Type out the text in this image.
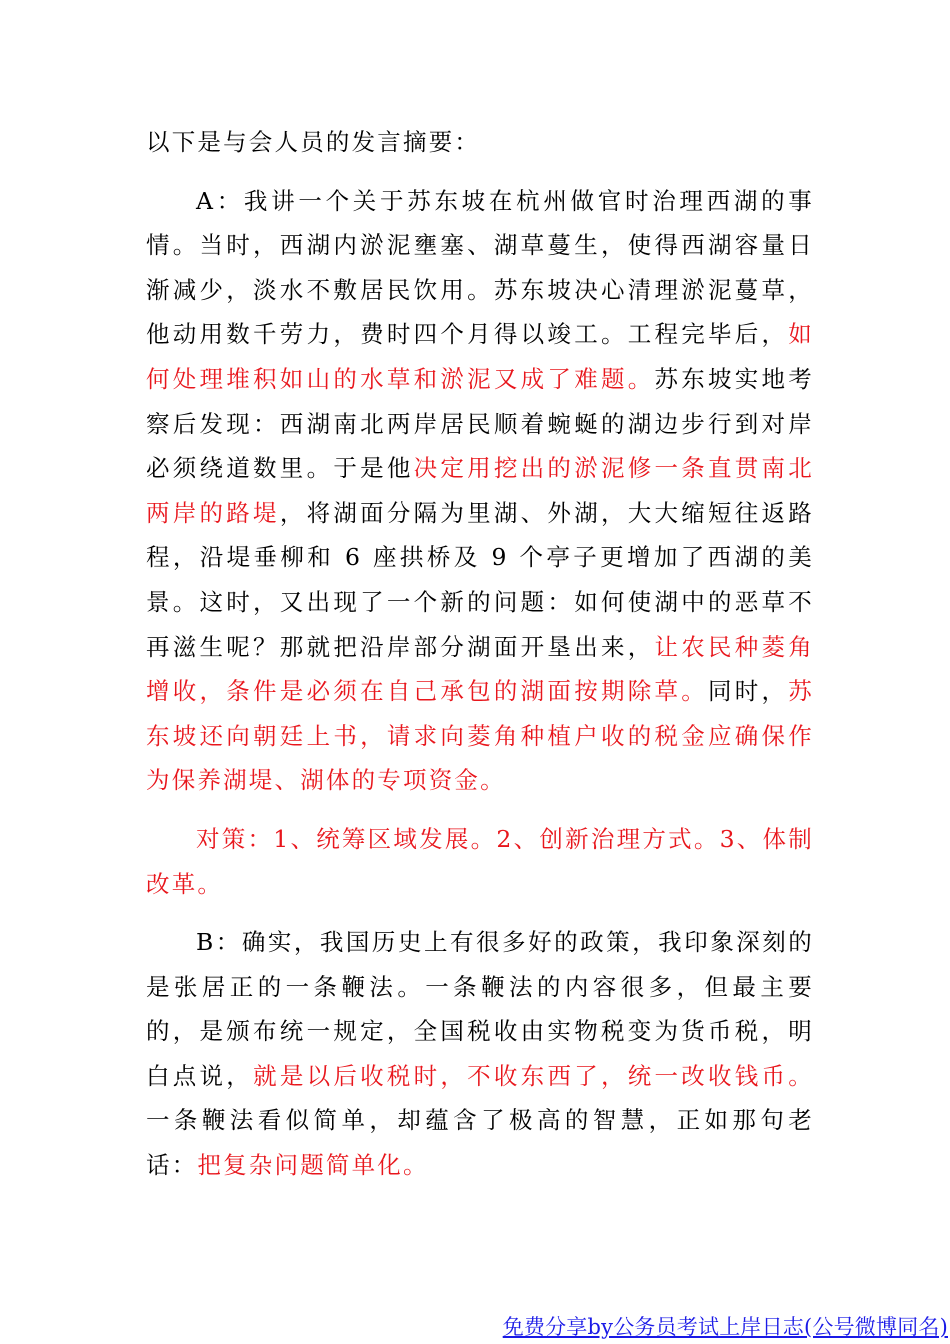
以下是与会人员的发言摘要：

A：我讲一个关于苏东坡在杭州做官时治理西湖的事情。当时，西湖内淤泥壅塞、湖草蔓生，使得西湖容量日渐减少，淡水不敷居民饮用。苏东坡决心清理淤泥蔓草，他动用数千劳力，费时四个月得以竣工。工程完毕后，如何处理堆积如山的水草和淤泥又成了难题。苏东坡实地考察后发现：西湖南北两岸居民顺着蜿蜒的湖边步行到对岸必须绕道数里。于是他决定用挖出的淤泥修一条直贯南北两岸的路堤，将湖面分隔为里湖、外湖，大大缩短往返路程，沿堤垂柳和 6 座拱桥及 9 个亭子更增加了西湖的美景。这时，又出现了一个新的问题：如何使湖中的恶草不再滋生呢？那就把沿岸部分湖面开垦出来，让农民种菱角增收，条件是必须在自己承包的湖面按期除草。同时，苏东坡还向朝廷上书，请求向菱角种植户收的税金应确保作为保养湖堤、湖体的专项资金。

对策：1、统筹区域发展。2、创新治理方式。3、体制改革。

B：确实，我国历史上有很多好的政策，我印象深刻的是张居正的一条鞭法。一条鞭法的内容很多，但最主要的，是颁布统一规定，全国税收由实物税变为货币税，明白点说，就是以后收税时，不收东西了，统一改收钱币。一条鞭法看似简单，却蕴含了极高的智慧，正如那句老话：把复杂问题简单化。

免费分享by公务员考试上岸日志(公号微博同名)
